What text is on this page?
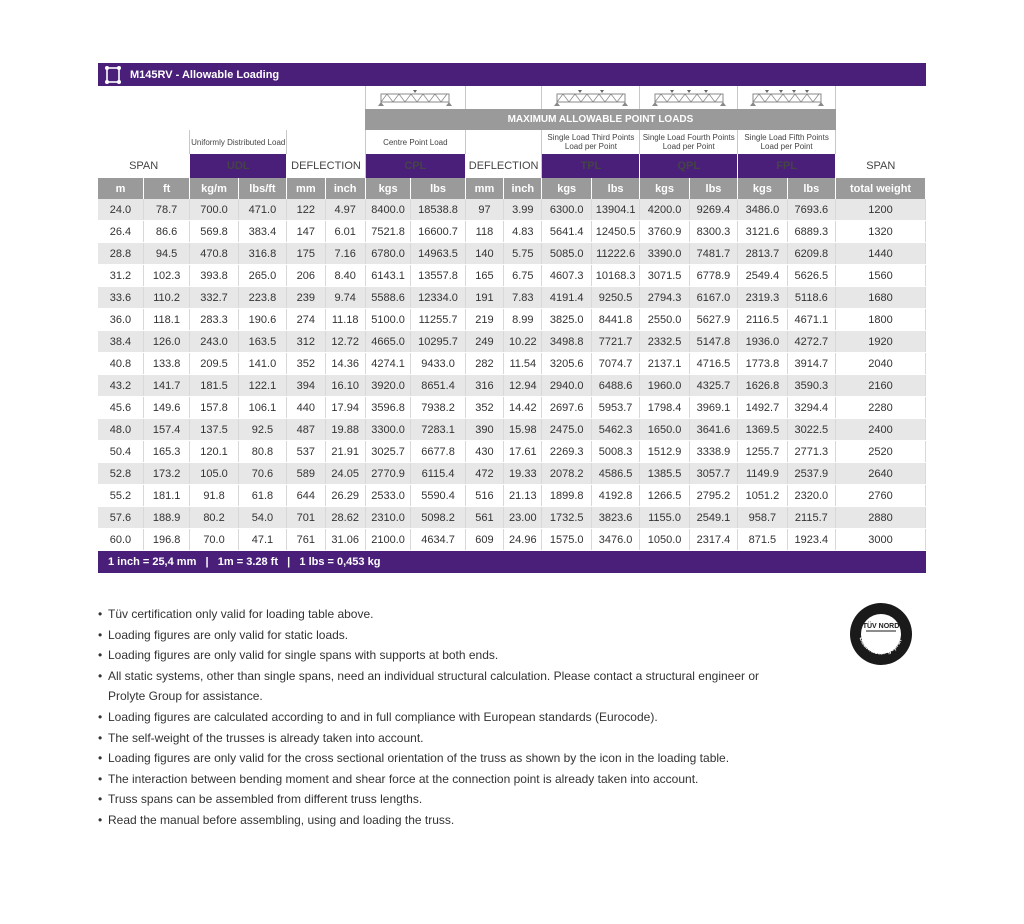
M145RV - Allowable Loading

						MAXIMUM ALLOWABLE POINT LOADS										
		Uniformly Distributed Load				Centre Point Load				Single Load Third Points Load per Point		Single Load Fourth Points Load per Point		Single Load Fifth Points Load per Point		
SPAN		UDL		DEFLECTION		CPL		DEFLECTION		TPL		QPL		FPL		SPAN
m	ft	kg/m	lbs/ft	mm	inch	kgs	lbs	mm	inch	kgs	lbs	kgs	lbs	kgs	lbs	total weight
24.0	78.7	700.0	471.0	122	4.97	8400.0	18538.8	97	3.99	6300.0	13904.1	4200.0	9269.4	3486.0	7693.6	1200
26.4	86.6	569.8	383.4	147	6.01	7521.8	16600.7	118	4.83	5641.4	12450.5	3760.9	8300.3	3121.6	6889.3	1320
28.8	94.5	470.8	316.8	175	7.16	6780.0	14963.5	140	5.75	5085.0	11222.6	3390.0	7481.7	2813.7	6209.8	1440
31.2	102.3	393.8	265.0	206	8.40	6143.1	13557.8	165	6.75	4607.3	10168.3	3071.5	6778.9	2549.4	5626.5	1560
33.6	110.2	332.7	223.8	239	9.74	5588.6	12334.0	191	7.83	4191.4	9250.5	2794.3	6167.0	2319.3	5118.6	1680
36.0	118.1	283.3	190.6	274	11.18	5100.0	11255.7	219	8.99	3825.0	8441.8	2550.0	5627.9	2116.5	4671.1	1800
38.4	126.0	243.0	163.5	312	12.72	4665.0	10295.7	249	10.22	3498.8	7721.7	2332.5	5147.8	1936.0	4272.7	1920
40.8	133.8	209.5	141.0	352	14.36	4274.1	9433.0	282	11.54	3205.6	7074.7	2137.1	4716.5	1773.8	3914.7	2040
43.2	141.7	181.5	122.1	394	16.10	3920.0	8651.4	316	12.94	2940.0	6488.6	1960.0	4325.7	1626.8	3590.3	2160
45.6	149.6	157.8	106.1	440	17.94	3596.8	7938.2	352	14.42	2697.6	5953.7	1798.4	3969.1	1492.7	3294.4	2280
48.0	157.4	137.5	92.5	487	19.88	3300.0	7283.1	390	15.98	2475.0	5462.3	1650.0	3641.6	1369.5	3022.5	2400
50.4	165.3	120.1	80.8	537	21.91	3025.7	6677.8	430	17.61	2269.3	5008.3	1512.9	3338.9	1255.7	2771.3	2520
52.8	173.2	105.0	70.6	589	24.05	2770.9	6115.4	472	19.33	2078.2	4586.5	1385.5	3057.7	1149.9	2537.9	2640
55.2	181.1	91.8	61.8	644	26.29	2533.0	5590.4	516	21.13	1899.8	4192.8	1266.5	2795.2	1051.2	2320.0	2760
57.6	188.9	80.2	54.0	701	28.62	2310.0	5098.2	561	23.00	1732.5	3823.6	1155.0	2549.1	958.7	2115.7	2880
60.0	196.8	70.0	47.1	761	31.06	2100.0	4634.7	609	24.96	1575.0	3476.0	1050.0	2317.4	871.5	1923.4	3000
1 inch = 25,4 mm   |   1m = 3.28 ft   |   1 lbs = 0,453 kg
• Tüv certification only valid for loading table above.
• Loading figures are only valid for static loads.
• Loading figures are only valid for single spans with supports at both ends.
• All static systems, other than single spans, need an individual structural calculation. Please contact a structural engineer or Prolyte Group for assistance.
• Loading figures are calculated according to and in full compliance with European standards (Eurocode).
• The self-weight of the trusses is already taken into account.
• Loading figures are only valid for the cross sectional orientation of the truss as shown by the icon in the loading table.
• The interaction between bending moment and shear force at the connection point is already taken into account.
• Truss spans can be assembled from different truss lengths.
• Read the manual before assembling, using and loading the truss.
TÜV NORD
Baumuster geprüf
